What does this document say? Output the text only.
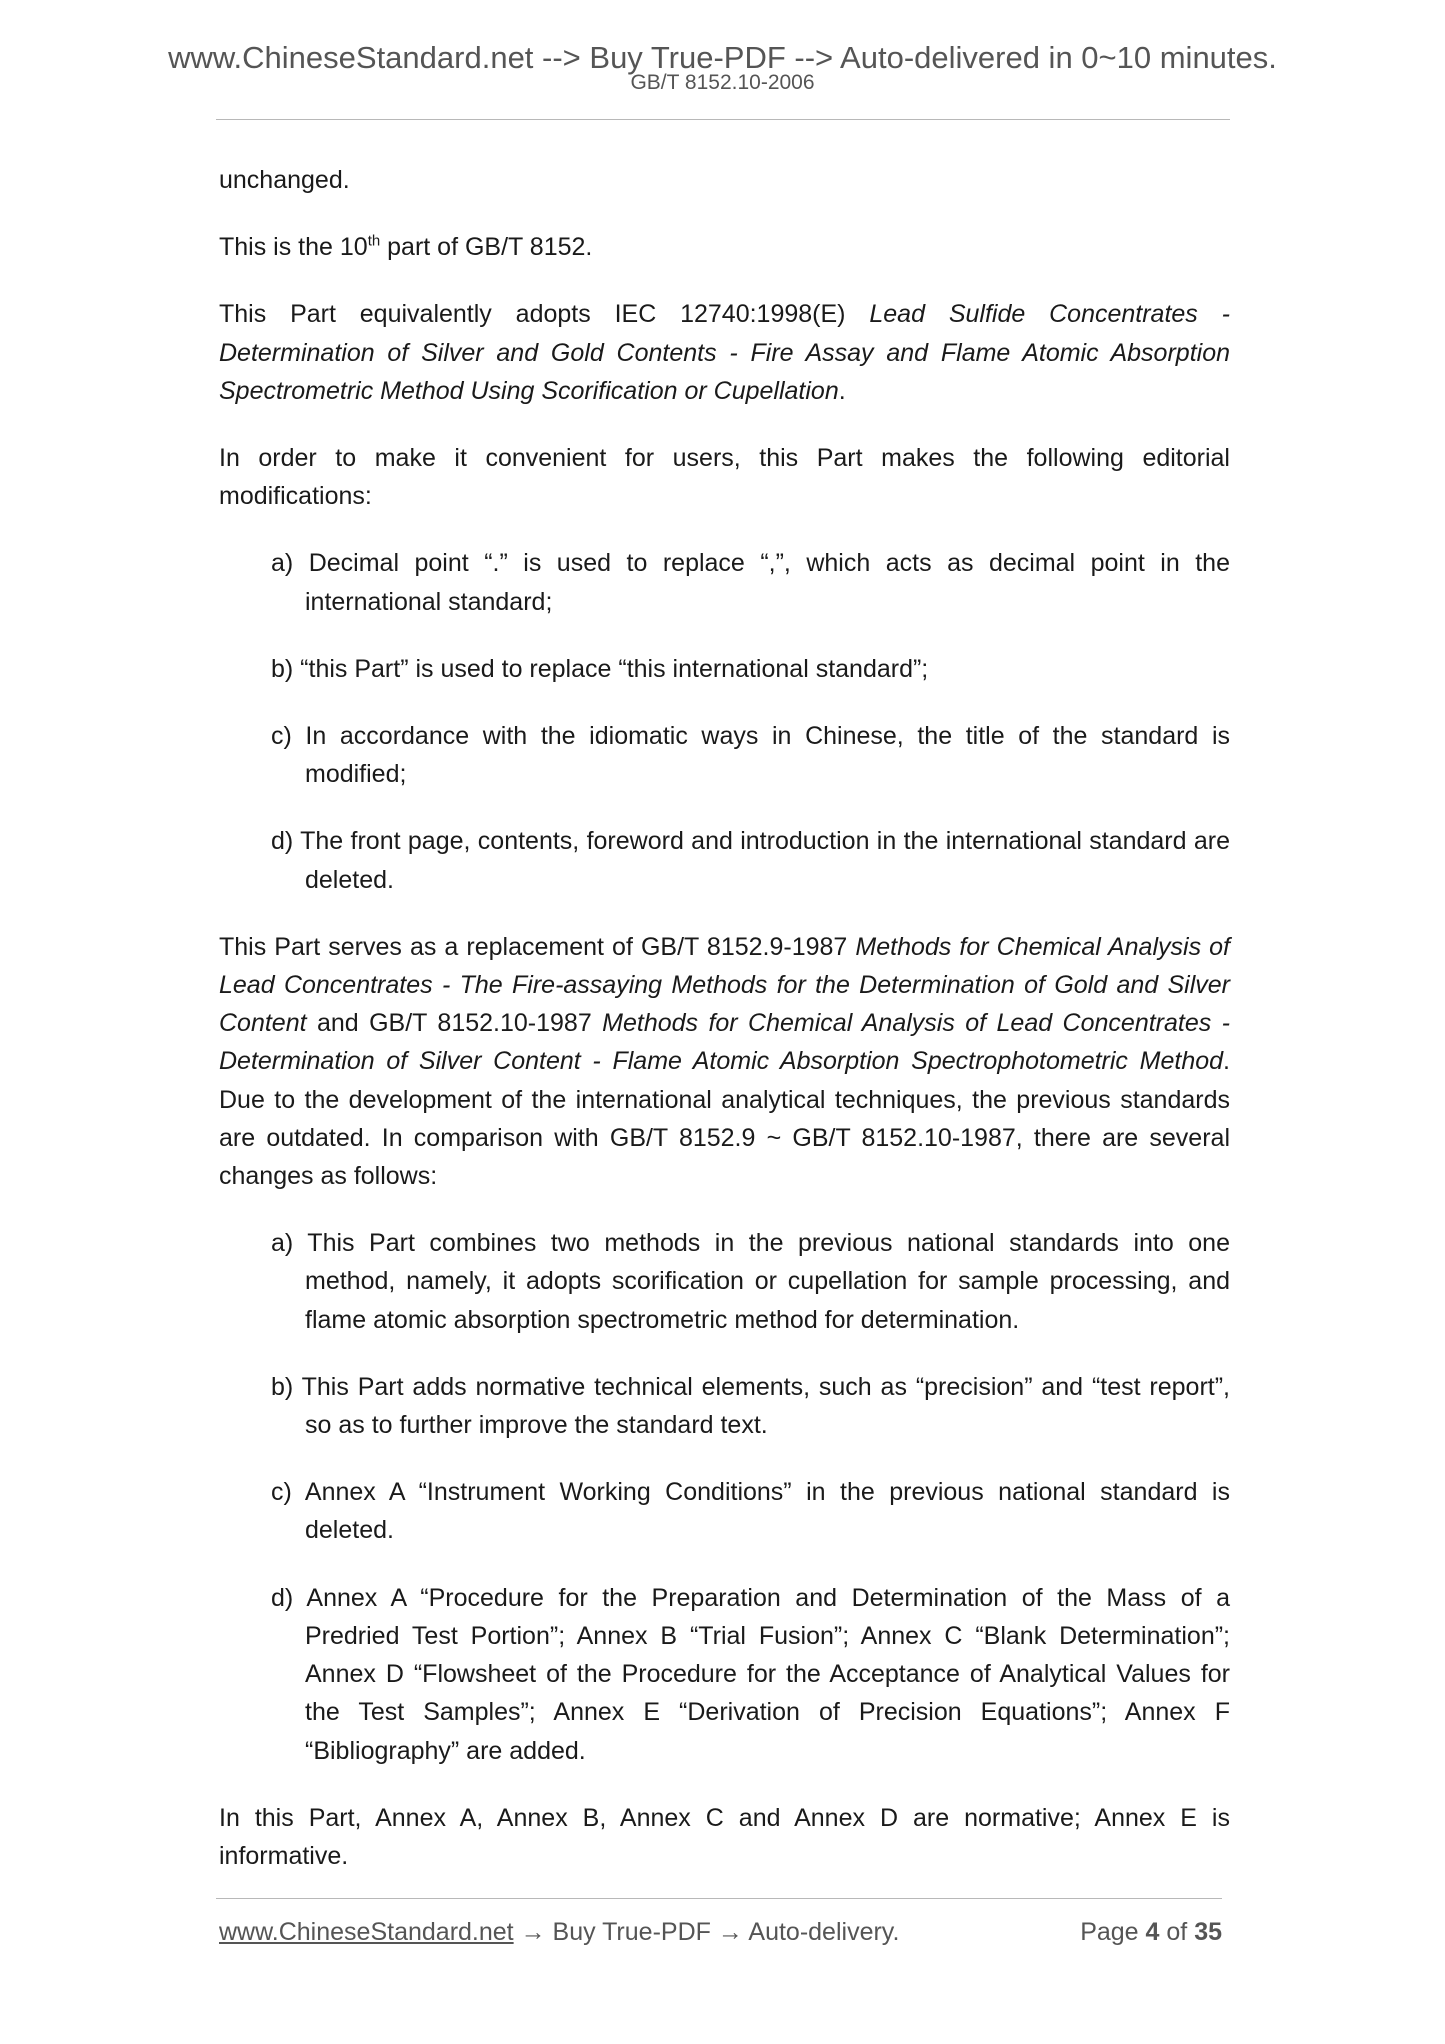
www.ChineseStandard.net --> Buy True-PDF --> Auto-delivered in 0~10 minutes.
GB/T 8152.10-2006

unchanged.

This is the 10th part of GB/T 8152.

This Part equivalently adopts IEC 12740:1998(E) Lead Sulfide Concentrates - Determination of Silver and Gold Contents - Fire Assay and Flame Atomic Absorption Spectrometric Method Using Scorification or Cupellation.

In order to make it convenient for users, this Part makes the following editorial modifications:

a) Decimal point “.” is used to replace “,”, which acts as decimal point in the international standard;

b) “this Part” is used to replace “this international standard”;

c) In accordance with the idiomatic ways in Chinese, the title of the standard is modified;

d) The front page, contents, foreword and introduction in the international standard are deleted.

This Part serves as a replacement of GB/T 8152.9-1987 Methods for Chemical Analysis of Lead Concentrates - The Fire-assaying Methods for the Determination of Gold and Silver Content and GB/T 8152.10-1987 Methods for Chemical Analysis of Lead Concentrates - Determination of Silver Content - Flame Atomic Absorption Spectrophotometric Method. Due to the development of the international analytical techniques, the previous standards are outdated. In comparison with GB/T 8152.9 ~ GB/T 8152.10-1987, there are several changes as follows:

a) This Part combines two methods in the previous national standards into one method, namely, it adopts scorification or cupellation for sample processing, and flame atomic absorption spectrometric method for determination.

b) This Part adds normative technical elements, such as “precision” and “test report”, so as to further improve the standard text.

c) Annex A “Instrument Working Conditions” in the previous national standard is deleted.

d) Annex A “Procedure for the Preparation and Determination of the Mass of a Predried Test Portion”; Annex B “Trial Fusion”; Annex C “Blank Determination”; Annex D “Flowsheet of the Procedure for the Acceptance of Analytical Values for the Test Samples”; Annex E “Derivation of Precision Equations”; Annex F “Bibliography” are added.

In this Part, Annex A, Annex B, Annex C and Annex D are normative; Annex E is informative.

www.ChineseStandard.net → Buy True-PDF → Auto-delivery.	Page 4 of 35
